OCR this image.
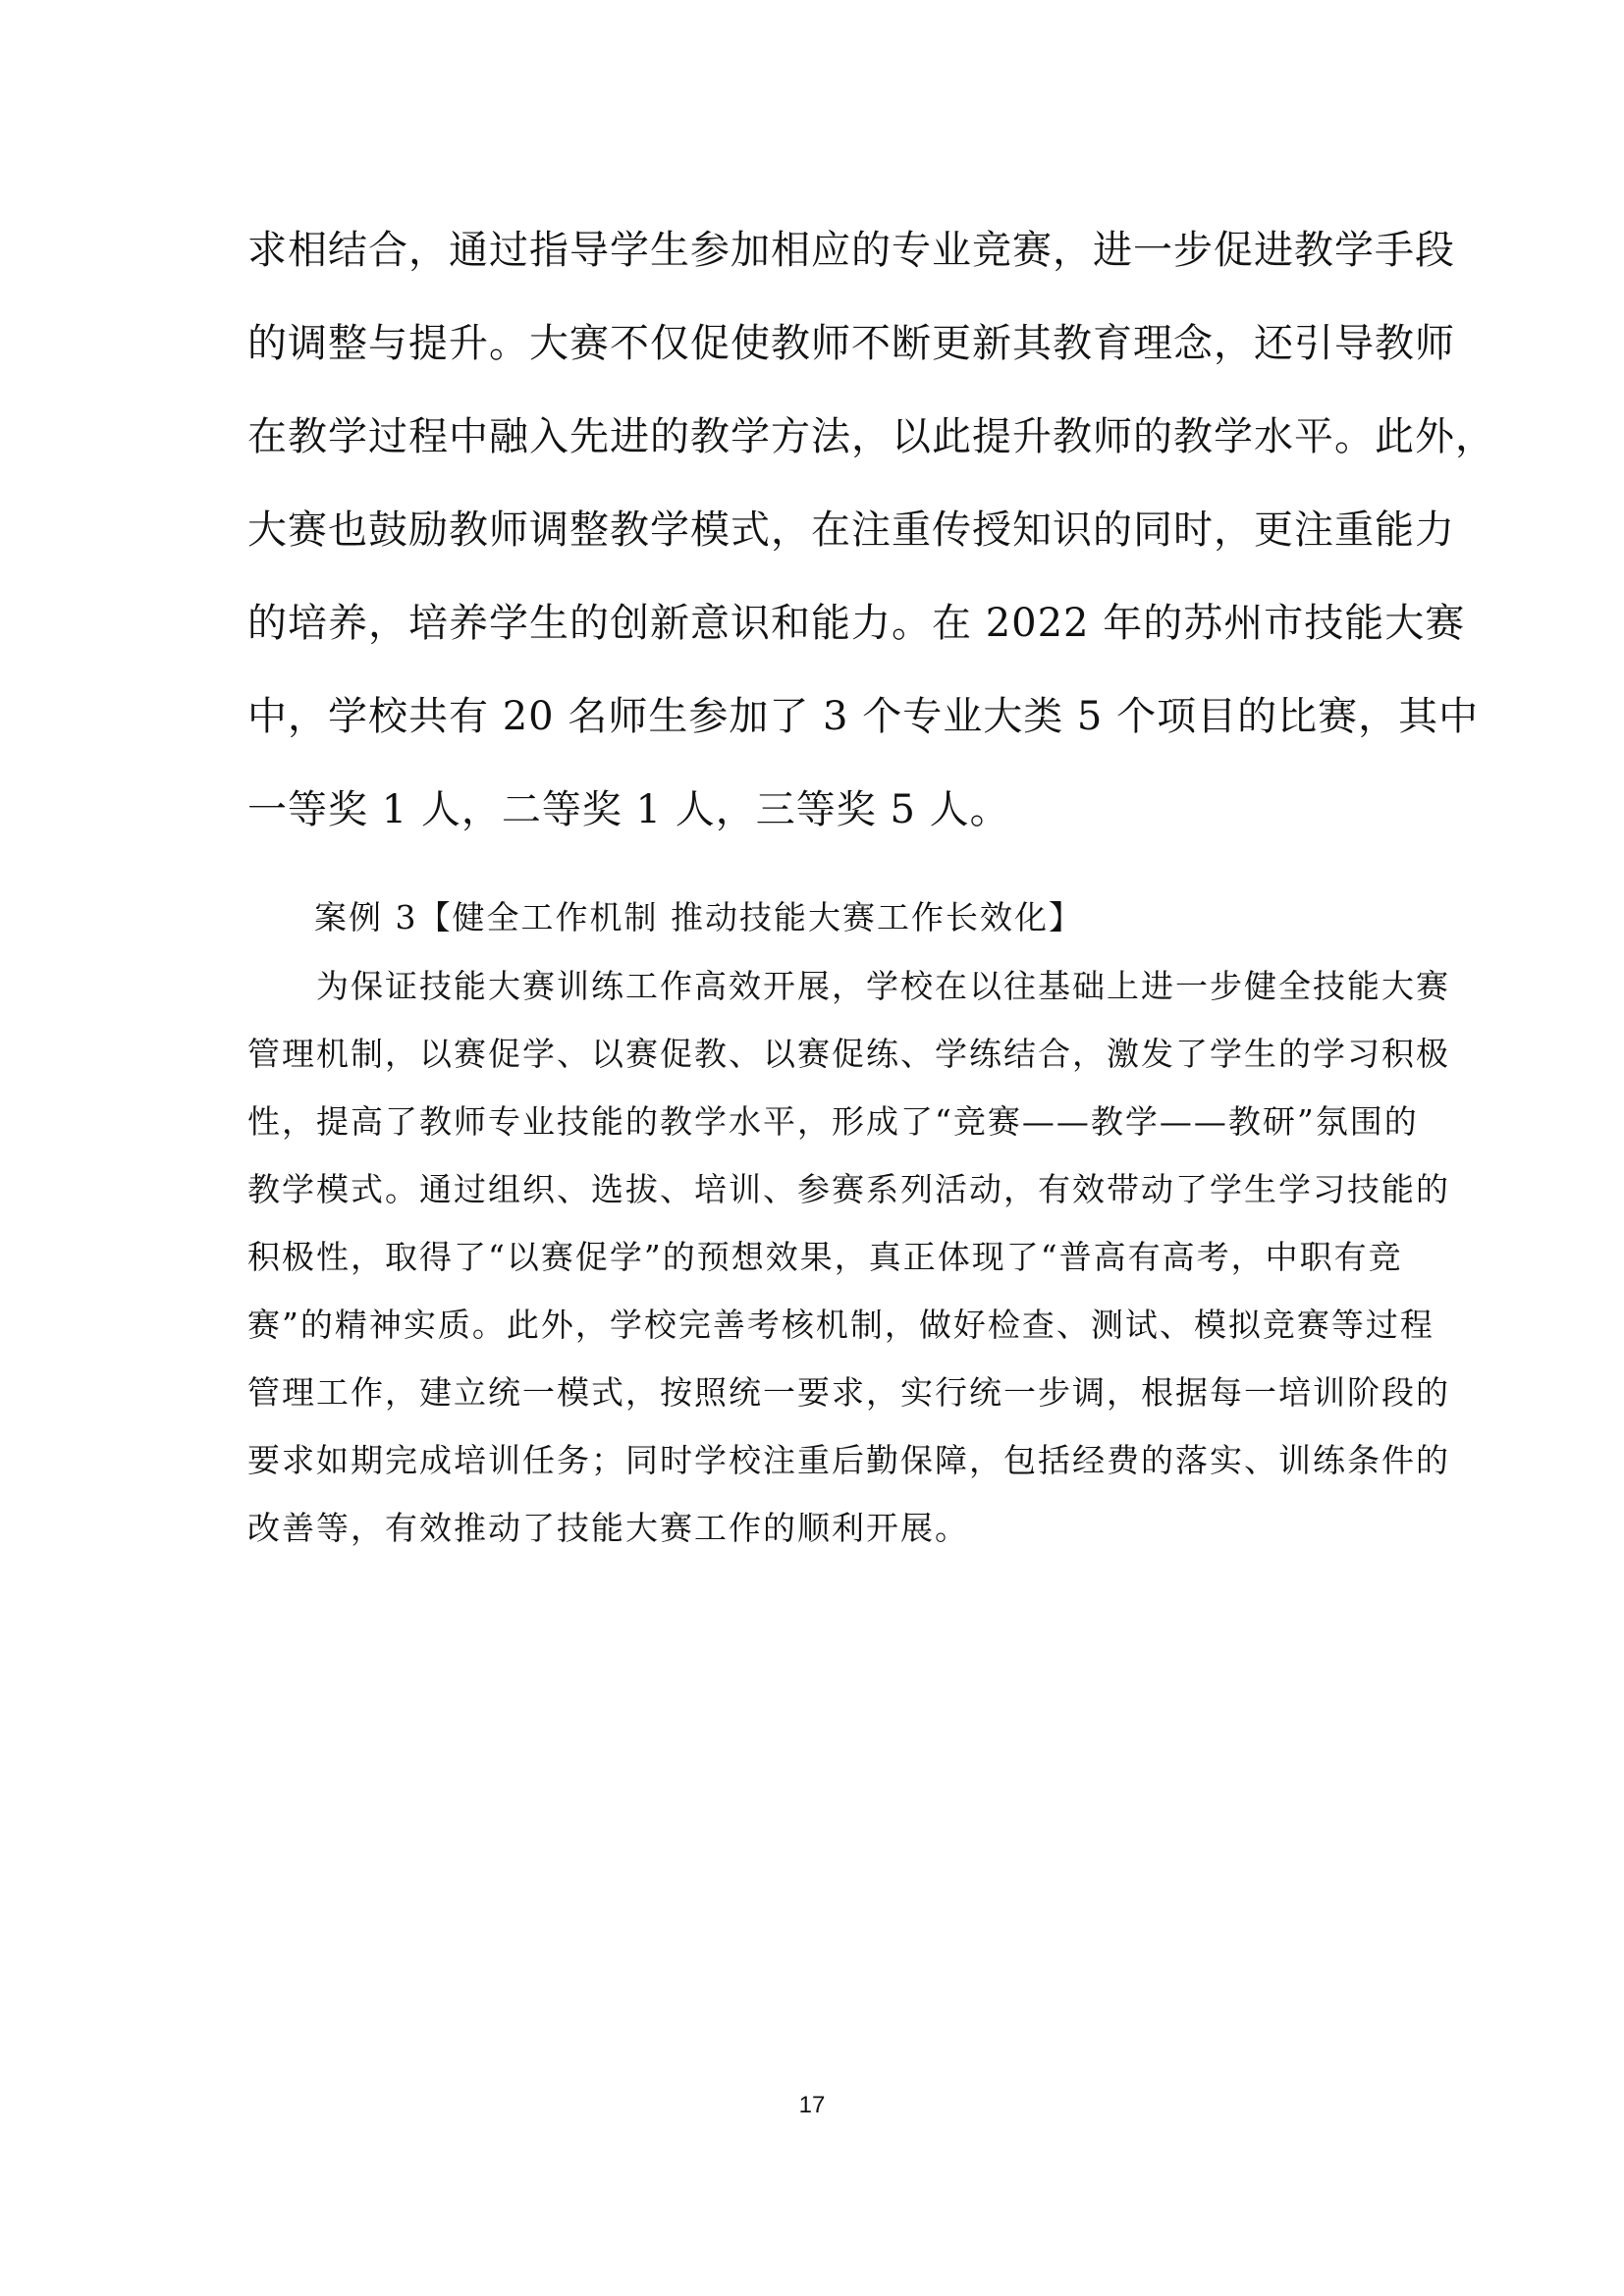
求相结合，通过指导学生参加相应的专业竞赛，进一步促进教学手段
的调整与提升。大赛不仅促使教师不断更新其教育理念，还引导教师
在教学过程中融入先进的教学方法，以此提升教师的教学水平。此外，
大赛也鼓励教师调整教学模式，在注重传授知识的同时，更注重能力
的培养，培养学生的创新意识和能力。在 2022 年的苏州市技能大赛
中，学校共有 20 名师生参加了 3 个专业大类 5 个项目的比赛，其中
一等奖 1 人，二等奖 1 人，三等奖 5 人。
案例 3【健全工作机制 推动技能大赛工作长效化】
　　为保证技能大赛训练工作高效开展，学校在以往基础上进一步健全技能大赛
管理机制，以赛促学、以赛促教、以赛促练、学练结合，激发了学生的学习积极
性，提高了教师专业技能的教学水平，形成了“竞赛——教学——教研”氛围的
教学模式。通过组织、选拔、培训、参赛系列活动，有效带动了学生学习技能的
积极性，取得了“以赛促学”的预想效果，真正体现了“普高有高考，中职有竞
赛”的精神实质。此外，学校完善考核机制，做好检查、测试、模拟竞赛等过程
管理工作，建立统一模式，按照统一要求，实行统一步调，根据每一培训阶段的
要求如期完成培训任务；同时学校注重后勤保障，包括经费的落实、训练条件的
改善等，有效推动了技能大赛工作的顺利开展。
17
